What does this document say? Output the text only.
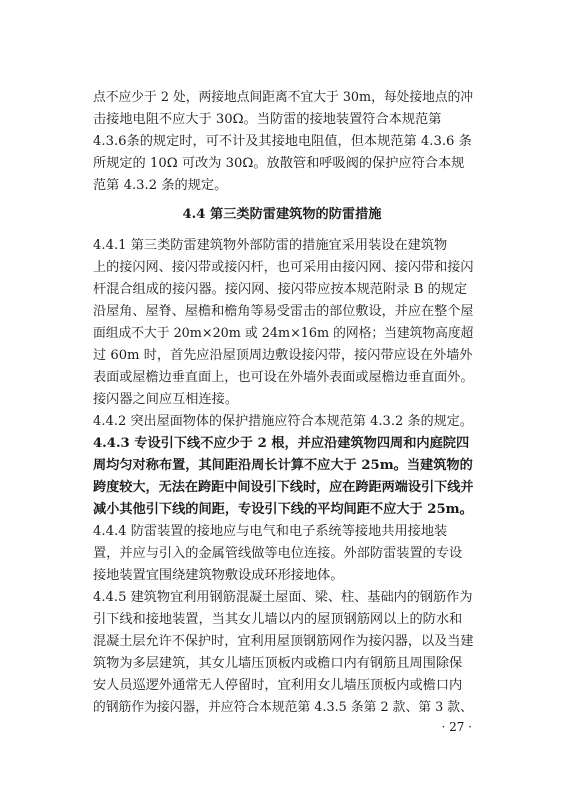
点不应少于 2 处，两接地点间距离不宜大于 30m，每处接地点的冲
击接地电阻不应大于 30Ω。当防雷的接地装置符合本规范第
4.3.6条的规定时，可不计及其接地电阻值，但本规范第 4.3.6 条
所规定的 10Ω 可改为 30Ω。放散管和呼吸阀的保护应符合本规
范第 4.3.2 条的规定。
4.4 第三类防雷建筑物的防雷措施
4.4.1 第三类防雷建筑物外部防雷的措施宜采用装设在建筑物
上的接闪网、接闪带或接闪杆，也可采用由接闪网、接闪带和接闪
杆混合组成的接闪器。接闪网、接闪带应按本规范附录 B 的规定
沿屋角、屋脊、屋檐和檐角等易受雷击的部位敷设，并应在整个屋
面组成不大于 20m×20m 或 24m×16m 的网格；当建筑物高度超
过 60m 时，首先应沿屋顶周边敷设接闪带，接闪带应设在外墙外
表面或屋檐边垂直面上，也可设在外墙外表面或屋檐边垂直面外。
接闪器之间应互相连接。
4.4.2 突出屋面物体的保护措施应符合本规范第 4.3.2 条的规定。
4.4.3 专设引下线不应少于 2 根，并应沿建筑物四周和内庭院四
周均匀对称布置，其间距沿周长计算不应大于 25m。当建筑物的
跨度较大，无法在跨距中间设引下线时，应在跨距两端设引下线并
减小其他引下线的间距，专设引下线的平均间距不应大于 25m。
4.4.4 防雷装置的接地应与电气和电子系统等接地共用接地装
置，并应与引入的金属管线做等电位连接。外部防雷装置的专设
接地装置宜围绕建筑物敷设成环形接地体。
4.4.5 建筑物宜利用钢筋混凝土屋面、梁、柱、基础内的钢筋作为
引下线和接地装置，当其女儿墙以内的屋顶钢筋网以上的防水和
混凝土层允许不保护时，宜利用屋顶钢筋网作为接闪器，以及当建
筑物为多层建筑，其女儿墙压顶板内或檐口内有钢筋且周围除保
安人员巡逻外通常无人停留时，宜利用女儿墙压顶板内或檐口内
的钢筋作为接闪器，并应符合本规范第 4.3.5 条第 2 款、第 3 款、
· 27 ·
